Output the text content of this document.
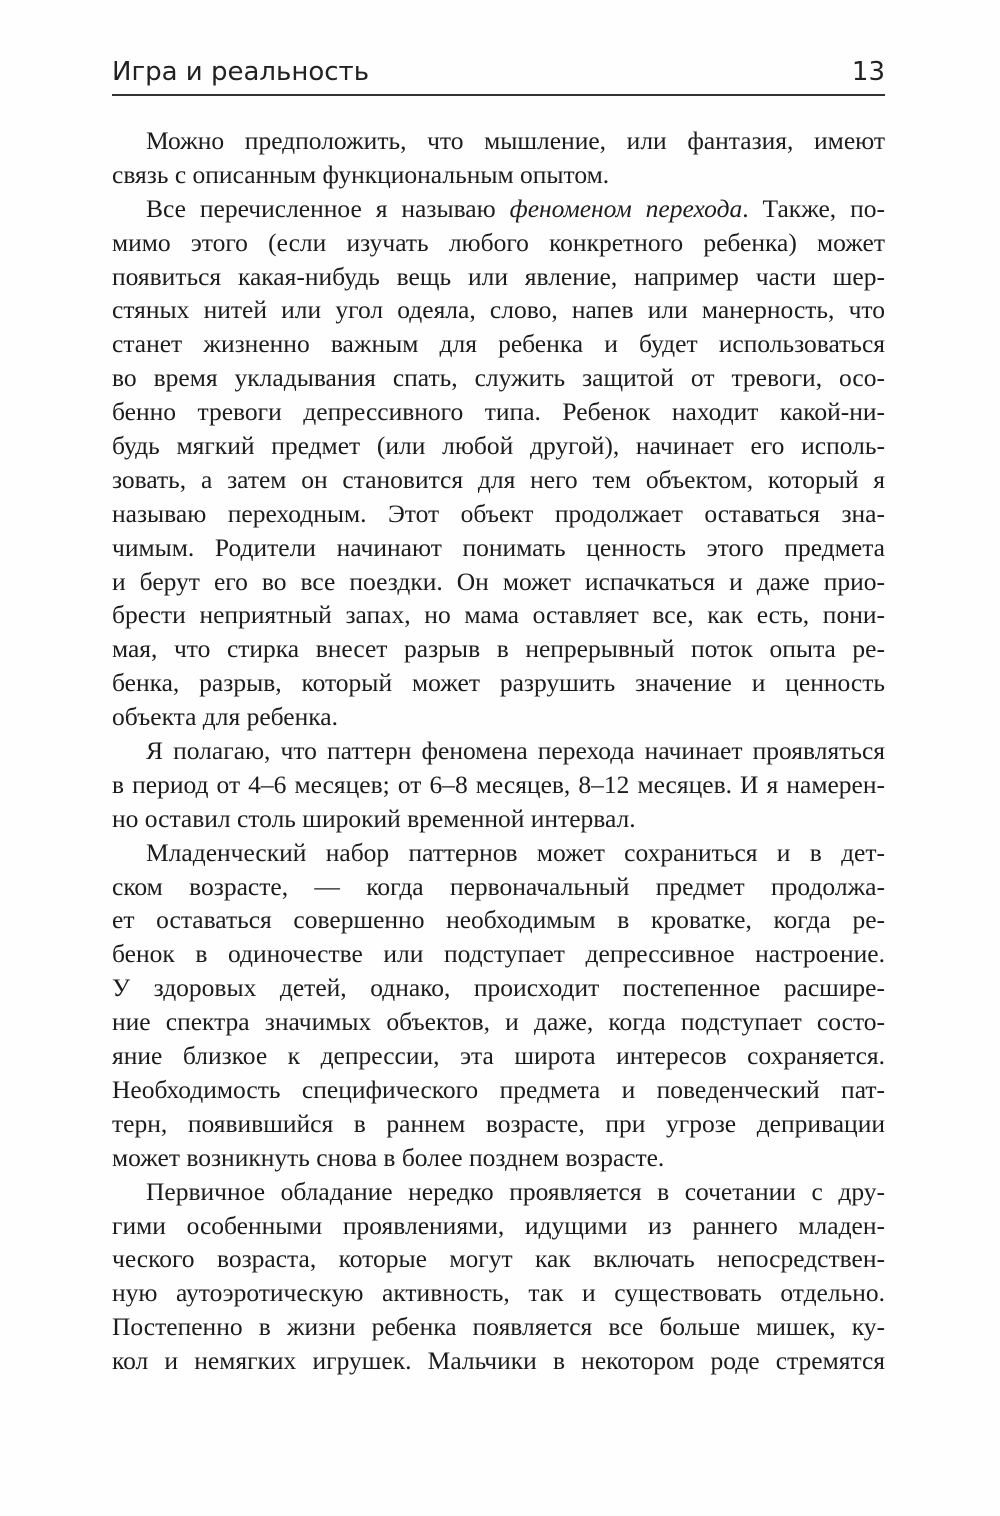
Игра и реальность	13

Можно предположить, что мышление, или фантазия, имеют
связь с описанным функциональным опытом.

Все перечисленное я называю феноменом перехода. Также, по-
мимо этого (если изучать любого конкретного ребенка) может
появиться какая-нибудь вещь или явление, например части шер-
стяных нитей или угол одеяла, слово, напев или манерность, что
станет жизненно важным для ребенка и будет использоваться
во время укладывания спать, служить защитой от тревоги, осо-
бенно тревоги депрессивного типа. Ребенок находит какой-ни-
будь мягкий предмет (или любой другой), начинает его исполь-
зовать, а затем он становится для него тем объектом, который я
называю переходным. Этот объект продолжает оставаться зна-
чимым. Родители начинают понимать ценность этого предмета
и берут его во все поездки. Он может испачкаться и даже прио-
брести неприятный запах, но мама оставляет все, как есть, пони-
мая, что стирка внесет разрыв в непрерывный поток опыта ре-
бенка, разрыв, который может разрушить значение и ценность
объекта для ребенка.

Я полагаю, что паттерн феномена перехода начинает проявляться
в период от 4–6 месяцев; от 6–8 месяцев, 8–12 месяцев. И я намерен-
но оставил столь широкий временной интервал.

Младенческий набор паттернов может сохраниться и в дет-
ском возрасте, — когда первоначальный предмет продолжа-
ет оставаться совершенно необходимым в кроватке, когда ре-
бенок в одиночестве или подступает депрессивное настроение.
У здоровых детей, однако, происходит постепенное расшире-
ние спектра значимых объектов, и даже, когда подступает состо-
яние близкое к депрессии, эта широта интересов сохраняется.
Необходимость специфического предмета и поведенческий пат-
терн, появившийся в раннем возрасте, при угрозе депривации
может возникнуть снова в более позднем возрасте.

Первичное обладание нередко проявляется в сочетании с дру-
гими особенными проявлениями, идущими из раннего младен-
ческого возраста, которые могут как включать непосредствен-
ную аутоэротическую активность, так и существовать отдельно.
Постепенно в жизни ребенка появляется все больше мишек, ку-
кол и немягких игрушек. Мальчики в некотором роде стремятся
